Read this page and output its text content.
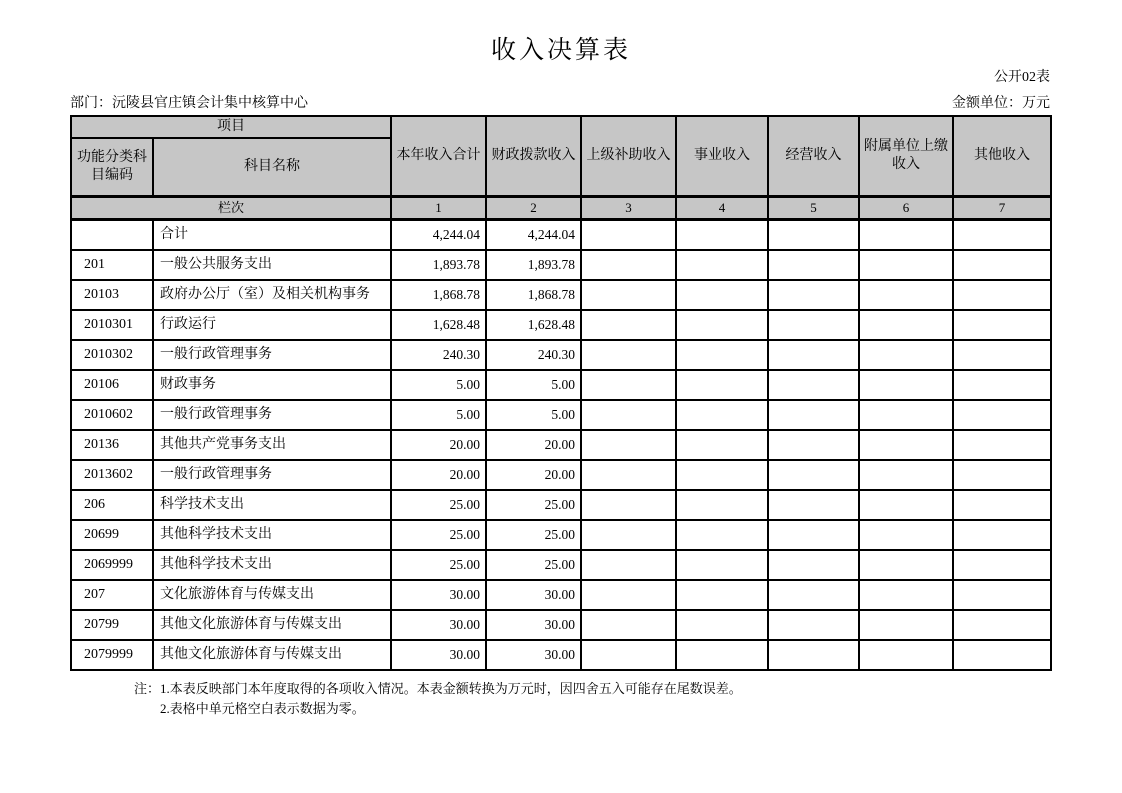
收入决算表
公开02表
部门：沅陵县官庄镇会计集中核算中心	金额单位：万元
项目		本年收入合计	财政拨款收入	上级补助收入	事业收入	经营收入	附属单位上缴收入	其他收入
功能分类科目编码	科目名称							
栏次		1	2	3	4	5	6	7
	合计	4,244.04	4,244.04					
201	一般公共服务支出	1,893.78	1,893.78					
20103	政府办公厅（室）及相关机构事务	1,868.78	1,868.78					
2010301	行政运行	1,628.48	1,628.48					
2010302	一般行政管理事务	240.30	240.30					
20106	财政事务	5.00	5.00					
2010602	一般行政管理事务	5.00	5.00					
20136	其他共产党事务支出	20.00	20.00					
2013602	一般行政管理事务	20.00	20.00					
206	科学技术支出	25.00	25.00					
20699	其他科学技术支出	25.00	25.00					
2069999	其他科学技术支出	25.00	25.00					
207	文化旅游体育与传媒支出	30.00	30.00					
20799	其他文化旅游体育与传媒支出	30.00	30.00					
2079999	其他文化旅游体育与传媒支出	30.00	30.00					
注：1.本表反映部门本年度取得的各项收入情况。本表金额转换为万元时，因四舍五入可能存在尾数误差。
2.表格中单元格空白表示数据为零。
